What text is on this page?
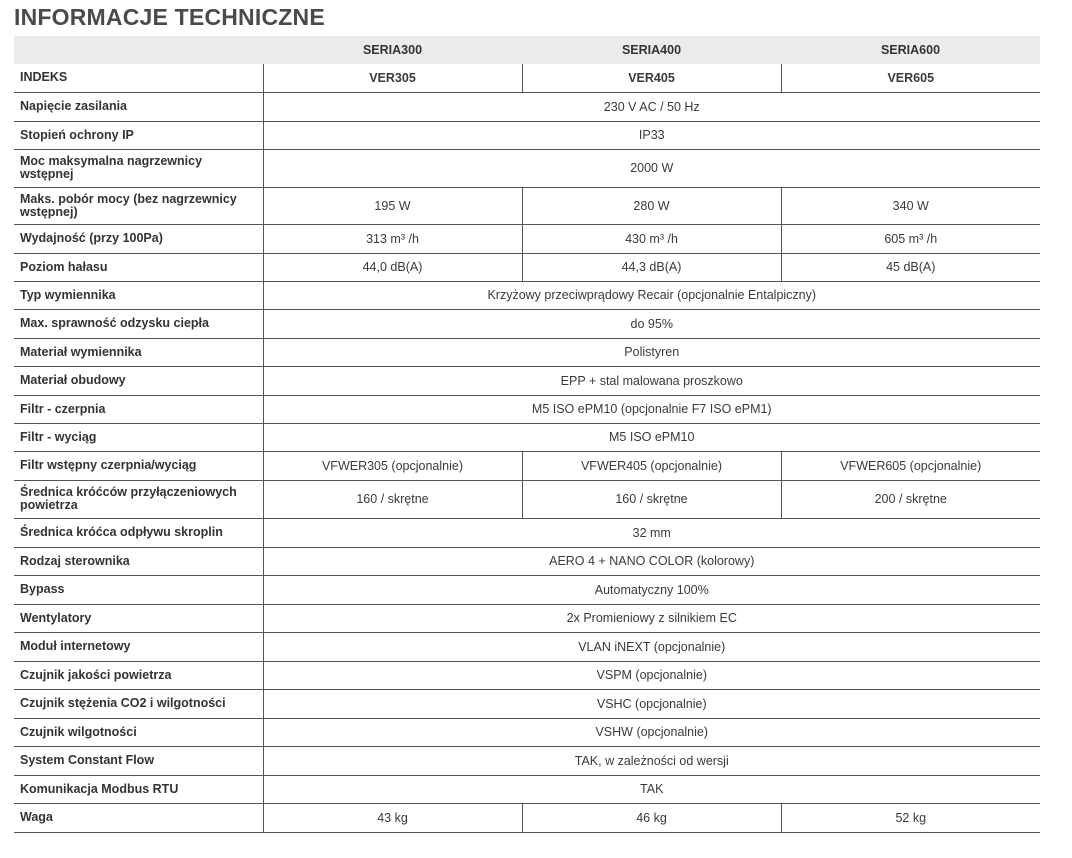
INFORMACJE TECHNICZNE
	SERIA300	SERIA400	SERIA600
INDEKS	VER305	VER405	VER605
Napięcie zasilania	230 V AC / 50 Hz		
Stopień ochrony IP	IP33		
Moc maksymalna nagrzewnicy wstępnej	2000 W		
Maks. pobór mocy (bez nagrzewnicy wstępnej)	195 W	280 W	340 W
Wydajność (przy 100Pa)	313 m³ /h	430 m³ /h	605 m³ /h
Poziom hałasu	44,0 dB(A)	44,3 dB(A)	45 dB(A)
Typ wymiennika	Krzyżowy przeciwprądowy Recair (opcjonalnie Entalpiczny)		
Max. sprawność odzysku ciepła	do 95%		
Materiał wymiennika	Polistyren		
Materiał obudowy	EPP + stal malowana proszkowo		
Filtr - czerpnia	M5 ISO ePM10 (opcjonalnie F7 ISO ePM1)		
Filtr - wyciąg	M5 ISO ePM10		
Filtr wstępny czerpnia/wyciąg	VFWER305 (opcjonalnie)	VFWER405 (opcjonalnie)	VFWER605 (opcjonalnie)
Średnica króćców przyłączeniowych powietrza	160 / skrętne	160 / skrętne	200 / skrętne
Średnica króćca odpływu skroplin	32 mm		
Rodzaj sterownika	AERO 4 + NANO COLOR (kolorowy)		
Bypass	Automatyczny 100%		
Wentylatory	2x Promieniowy z silnikiem EC		
Moduł internetowy	VLAN iNEXT (opcjonalnie)		
Czujnik jakości powietrza	VSPM (opcjonalnie)		
Czujnik stężenia CO2 i wilgotności	VSHC (opcjonalnie)		
Czujnik wilgotności	VSHW (opcjonalnie)		
System Constant Flow	TAK, w zależności od wersji		
Komunikacja Modbus RTU	TAK		
Waga	43 kg	46 kg	52 kg
